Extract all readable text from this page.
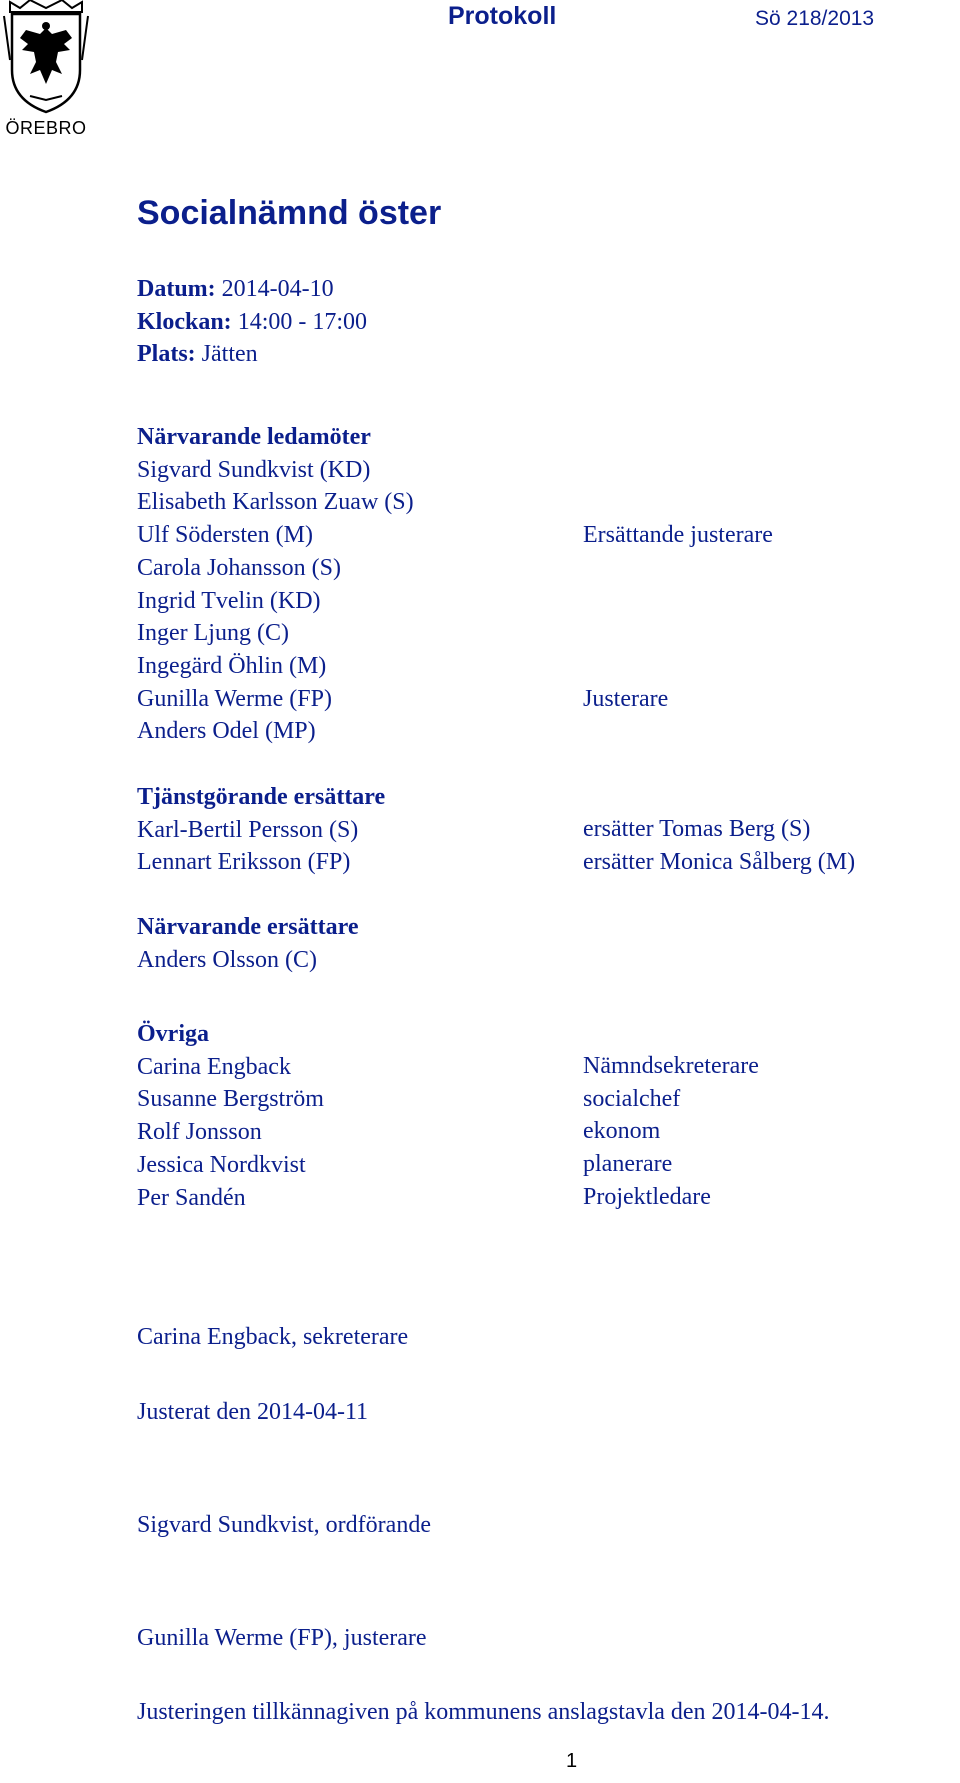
ÖREBRO
Protokoll	Sö 218/2013
Socialnämnd öster
Datum: 2014-04-10
Klockan: 14:00 - 17:00
Plats: Jätten
Närvarande ledamöter
Sigvard Sundkvist (KD)
Elisabeth Karlsson Zuaw (S)
Ulf Södersten (M)
Carola Johansson (S)
Ingrid Tvelin (KD)
Inger Ljung (C)
Ingegärd Öhlin (M)
Gunilla Werme (FP)
Anders Odel (MP)
Ersättande justerare
Justerare
Tjänstgörande ersättare
Karl-Bertil Persson (S)
Lennart Eriksson (FP)
ersätter Tomas Berg (S)
ersätter Monica Sålberg (M)
Närvarande ersättare
Anders Olsson (C)
Övriga
Carina Engback
Susanne Bergström
Rolf Jonsson
Jessica Nordkvist
Per Sandén
Nämndsekreterare
socialchef
ekonom
planerare
Projektledare
Carina Engback, sekreterare
Justerat den 2014-04-11
Sigvard Sundkvist, ordförande
Gunilla Werme (FP), justerare
Justeringen tillkännagiven på kommunens anslagstavla den 2014-04-14.
1
